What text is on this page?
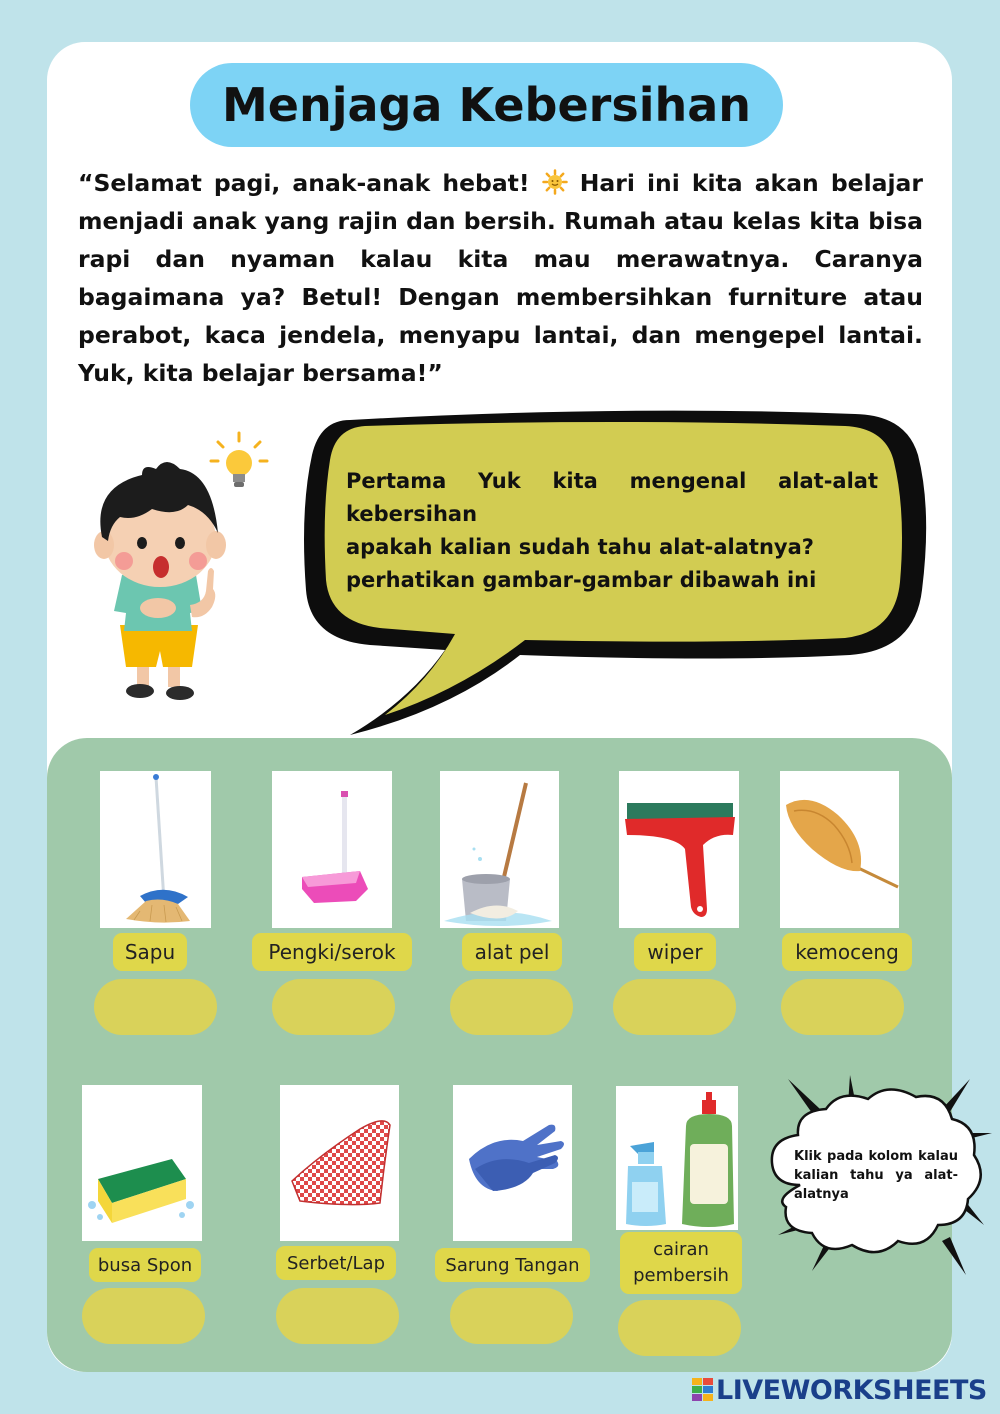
Menjaga Kebersihan
“Selamat pagi, anak-anak hebat! Hari ini kita akan belajar menjadi anak yang rajin dan bersih. Rumah atau kelas kita bisa rapi dan nyaman kalau kita mau merawatnya. Caranya bagaimana ya? Betul! Dengan membersihkan furniture atau perabot, kaca jendela, menyapu lantai, dan mengepel lantai. Yuk, kita belajar bersama!”
Pertama Yuk kita mengenal alat-alat
kebersihan
apakah kalian sudah tahu alat-alatnya?
perhatikan gambar-gambar dibawah ini
Sapu	Pengki/serok	alat pel	wiper	kemoceng
busa Spon	Serbet/Lap	Sarung Tangan
cairan pembersih
Klik pada kolom kalau kalian tahu ya alat-alatnya
LIVEWORKSHEETS
